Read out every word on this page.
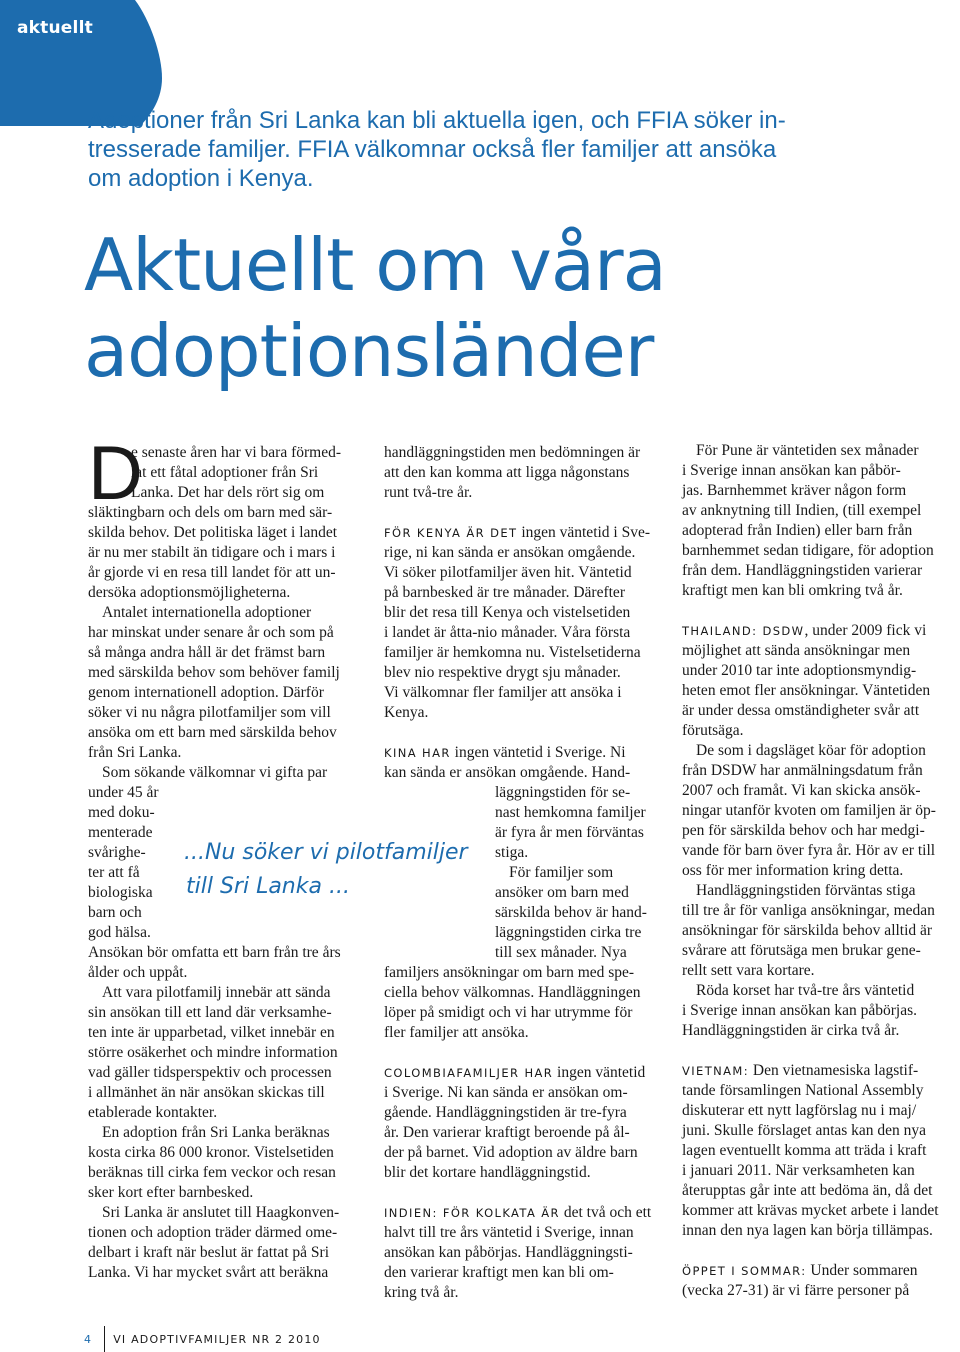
aktuellt
Adoptioner från Sri Lanka kan bli aktuella igen, och FFIA söker in-
tresserade familjer. FFIA välkomnar också fler familjer att ansöka
om adoption i Kenya.
Aktuellt om våra
adoptionsländer
D

e senaste åren har vi bara förmed-
lat ett fåtal adoptioner från Sri
Lanka. Det har dels rört sig om

släktingbarn och dels om barn med sär-
skilda behov. Det politiska läget i landet
är nu mer stabilt än tidigare och i mars i
år gjorde vi en resa till landet för att un-
dersöka adoptionsmöjligheterna.

Antalet internationella adoptioner
har minskat under senare år och som på
så många andra håll är det främst barn
med särskilda behov som behöver familj
genom internationell adoption. Därför
söker vi nu några pilotfamiljer som vill
ansöka om ett barn med särskilda behov
från Sri Lanka.

Som sökande välkomnar vi gifta par
under 45 år
med doku-
menterade
svårighe-
ter att få
biologiska
barn och
god hälsa.
Ansökan bör omfatta ett barn från tre års
ålder och uppåt.

Att vara pilotfamilj innebär att sända
sin ansökan till ett land där verksamhe-
ten inte är upparbetad, vilket innebär en
större osäkerhet och mindre information
vad gäller tidsperspektiv och processen
i allmänhet än när ansökan skickas till
etablerade kontakter.

En adoption från Sri Lanka beräknas
kosta cirka 86 000 kronor. Vistelsetiden
beräknas till cirka fem veckor och resan
sker kort efter barnbesked.

Sri Lanka är anslutet till Haagkonven-
tionen och adoption träder därmed ome-
delbart i kraft när beslut är fattat på Sri
Lanka. Vi har mycket svårt att beräkna

...Nu söker vi pilotfamiljer
till Sri Lanka ...

handläggningstiden men bedömningen är
att den kan komma att ligga någonstans
runt två-tre år.

FÖR KENYA ÄR DET ingen väntetid i Sve-
rige, ni kan sända er ansökan omgående.
Vi söker pilotfamiljer även hit. Väntetid
på barnbesked är tre månader. Därefter
blir det resa till Kenya och vistelsetiden
i landet är åtta-nio månader. Våra första
familjer är hemkomna nu. Vistelsetiderna
blev nio respektive drygt sju månader.
Vi välkomnar fler familjer att ansöka i
Kenya.

KINA HAR ingen väntetid i Sverige. Ni
kan sända er ansökan omgående. Hand-
läggningstiden för se-
nast hemkomna familjer
är fyra år men förväntas
stiga.
För familjer som
ansöker om barn med
särskilda behov är hand-
läggningstiden cirka tre
till sex månader. Nya
familjers ansökningar om barn med spe-
ciella behov välkomnas. Handläggningen
löper på smidigt och vi har utrymme för
fler familjer att ansöka.

COLOMBIAFAMILJER HAR ingen väntetid
i Sverige. Ni kan sända er ansökan om-
gående. Handläggningstiden är tre-fyra
år. Den varierar kraftigt beroende på ål-
der på barnet. Vid adoption av äldre barn
blir det kortare handläggningstid.

INDIEN: FÖR KOLKATA ÄR det två och ett
halvt till tre års väntetid i Sverige, innan
ansökan kan påbörjas. Handläggningsti-
den varierar kraftigt men kan bli om-
kring två år.

För Pune är väntetiden sex månader
i Sverige innan ansökan kan påbör-
jas. Barnhemmet kräver någon form
av anknytning till Indien, (till exempel
adopterad från Indien) eller barn från
barnhemmet sedan tidigare, för adoption
från dem. Handläggningstiden varierar
kraftigt men kan bli omkring två år.

THAILAND: DSDW, under 2009 fick vi
möjlighet att sända ansökningar men
under 2010 tar inte adoptionsmyndig-
heten emot fler ansökningar. Väntetiden
är under dessa omständigheter svår att
förutsäga.
De som i dagsläget köar för adoption
från DSDW har anmälningsdatum från
2007 och framåt. Vi kan skicka ansök-
ningar utanför kvoten om familjen är öp-
pen för särskilda behov och har medgi-
vande för barn över fyra år. Hör av er till
oss för mer information kring detta.
Handläggningstiden förväntas stiga
till tre år för vanliga ansökningar, medan
ansökningar för särskilda behov alltid är
svårare att förutsäga men brukar gene-
rellt sett vara kortare.
Röda korset har två-tre års väntetid
i Sverige innan ansökan kan påbörjas.
Handläggningstiden är cirka två år.

VIETNAM: Den vietnamesiska lagstif-
tande församlingen National Assembly
diskuterar ett nytt lagförslag nu i maj/
juni. Skulle förslaget antas kan den nya
lagen eventuellt komma att träda i kraft
i januari 2011. När verksamheten kan
återupptas går inte att bedöma än, då det
kommer att krävas mycket arbete i landet
innan den nya lagen kan börja tillämpas.

ÖPPET I SOMMAR: Under sommaren
(vecka 27-31) är vi färre personer på

4 VI ADOPTIVFAMILJER NR 2 2010
